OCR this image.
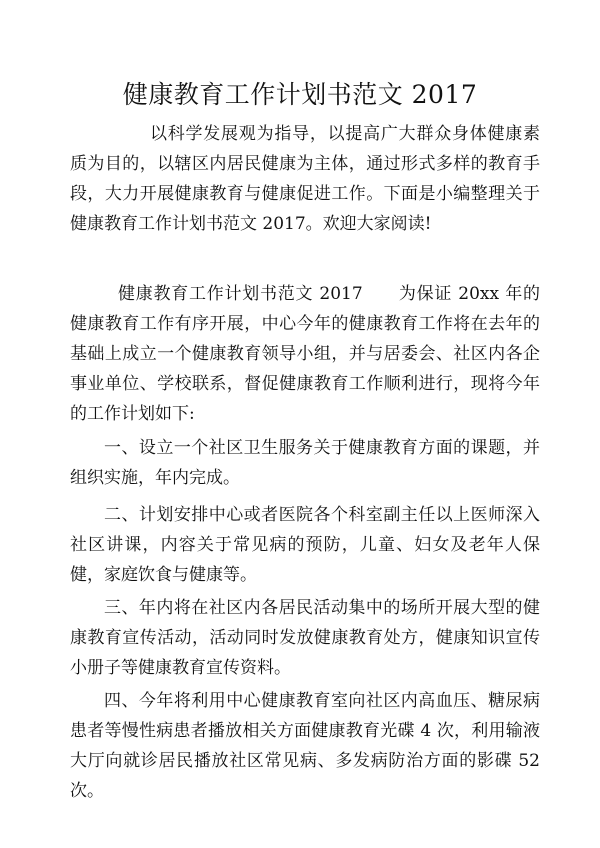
健康教育工作计划书范文 2017

以科学发展观为指导，以提高广大群众身体健康素质为目的，以辖区内居民健康为主体，通过形式多样的教育手段，大力开展健康教育与健康促进工作。下面是小编整理关于健康教育工作计划书范文 2017。欢迎大家阅读!

健康教育工作计划书范文 2017　　为保证 20xx 年的健康教育工作有序开展，中心今年的健康教育工作将在去年的基础上成立一个健康教育领导小组，并与居委会、社区内各企事业单位、学校联系，督促健康教育工作顺利进行，现将今年的工作计划如下:

一、设立一个社区卫生服务关于健康教育方面的课题，并组织实施，年内完成。

二、计划安排中心或者医院各个科室副主任以上医师深入社区讲课，内容关于常见病的预防，儿童、妇女及老年人保健，家庭饮食与健康等。

三、年内将在社区内各居民活动集中的场所开展大型的健康教育宣传活动，活动同时发放健康教育处方，健康知识宣传小册子等健康教育宣传资料。

四、今年将利用中心健康教育室向社区内高血压、糖尿病患者等慢性病患者播放相关方面健康教育光碟 4 次，利用输液大厅向就诊居民播放社区常见病、多发病防治方面的影碟 52 次。
